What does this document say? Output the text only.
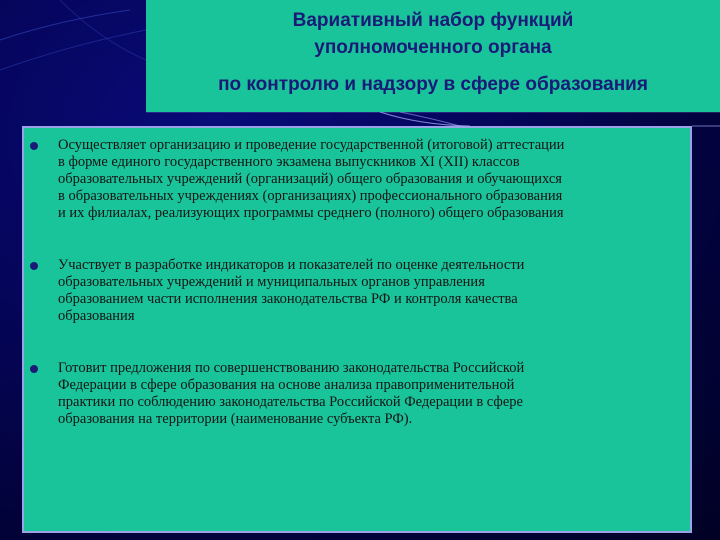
Вариативный набор функций
уполномоченного органа
по контролю и надзору в сфере образования
Осуществляет организацию и проведение государственной (итоговой) аттестации
в форме единого государственного экзамена выпускников XI (XII) классов
образовательных учреждений (организаций) общего образования и обучающихся
в образовательных учреждениях (организациях) профессионального образования
и их филиалах, реализующих программы среднего (полного) общего образования
Участвует в разработке индикаторов и показателей по оценке деятельности
образовательных учреждений и муниципальных органов управления
образованием части исполнения законодательства РФ и контроля качества
образования
Готовит предложения по совершенствованию законодательства Российской
Федерации в сфере образования на основе анализа правоприменительной
практики по соблюдению законодательства Российской Федерации в сфере
образования на территории (наименование субъекта РФ).
